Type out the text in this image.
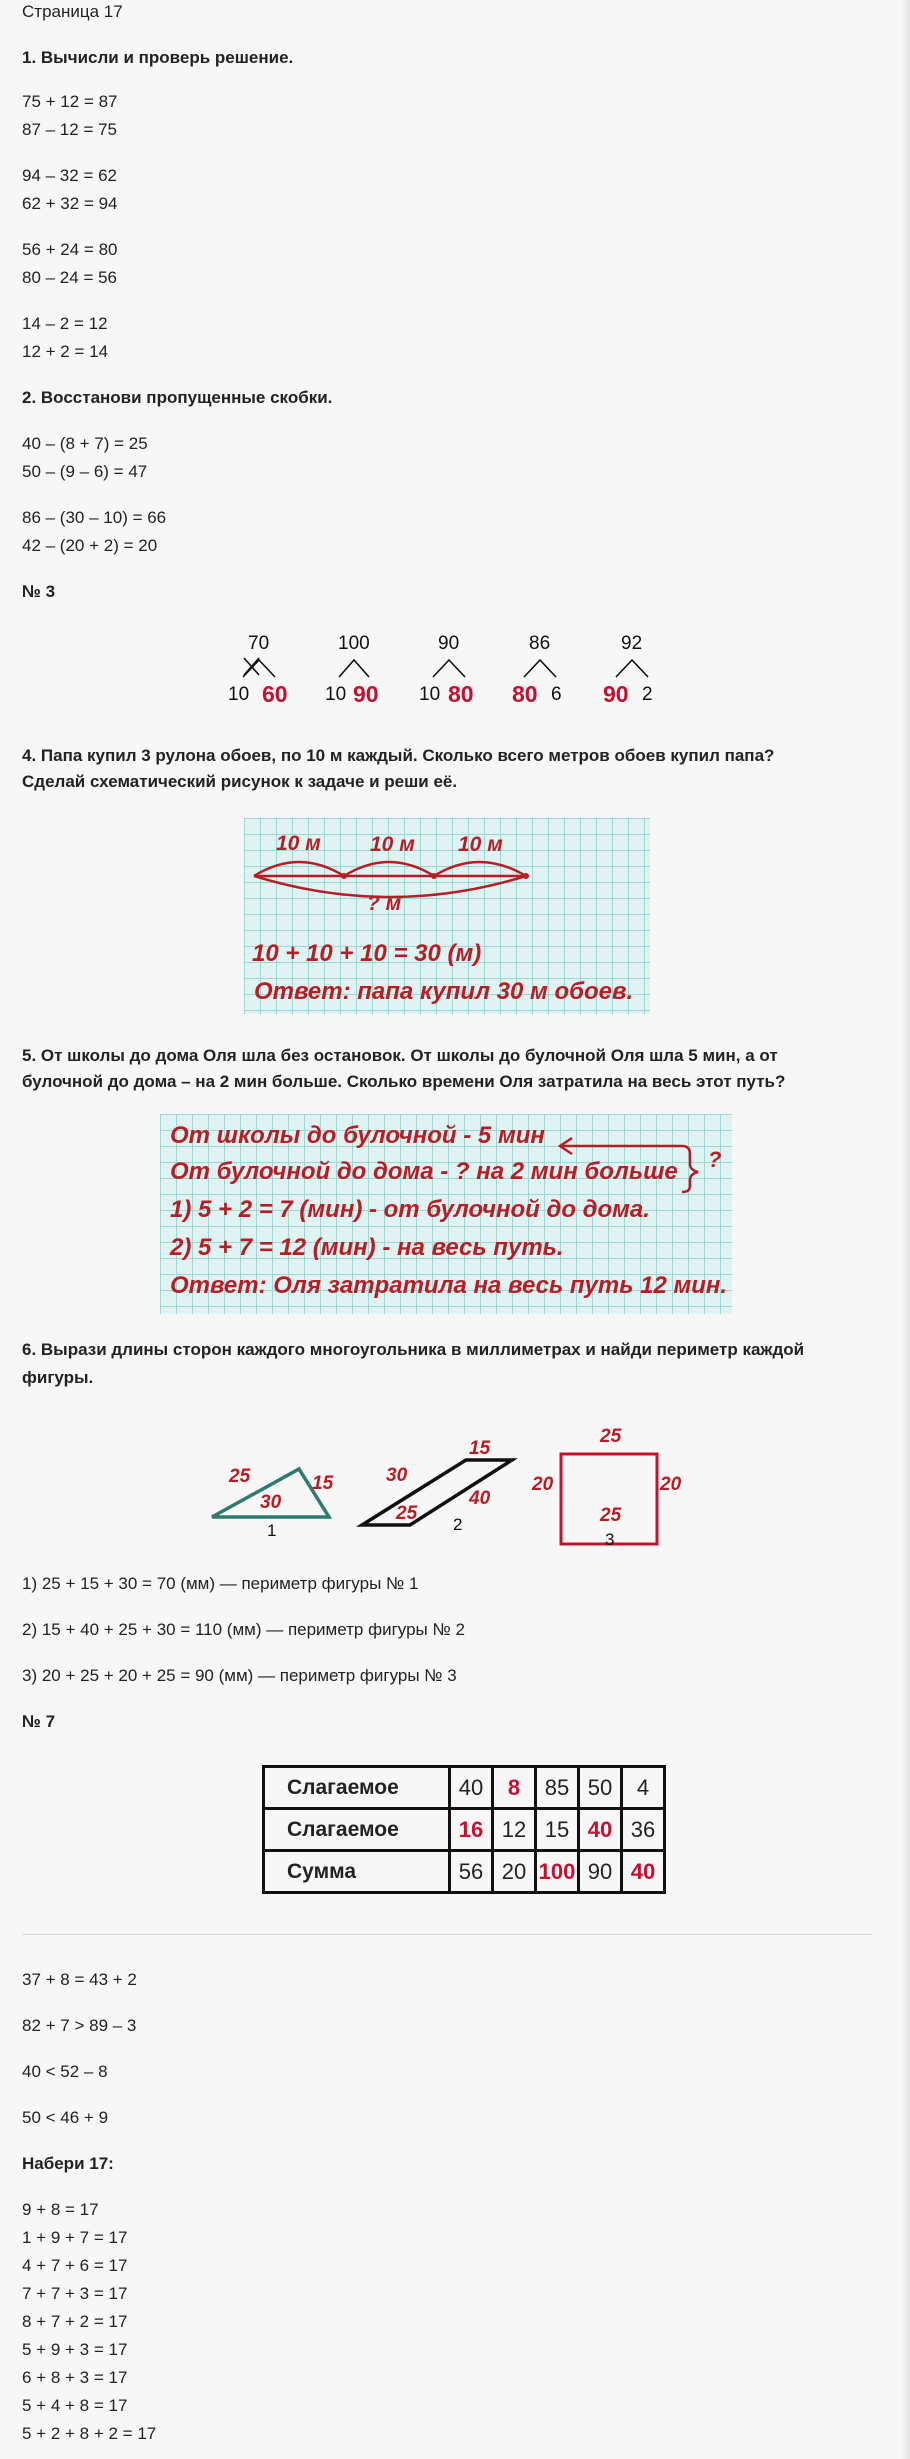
Страница 17
1. Вычисли и проверь решение.
75 + 12 = 87
87 – 12 = 75
94 – 32 = 62
62 + 32 = 94
56 + 24 = 80
80 – 24 = 56
14 – 2 = 12
12 + 2 = 14
2. Восстанови пропущенные скобки.
40 – (8 + 7) = 25
50 – (9 – 6) = 47
86 – (30 – 10) = 66
42 – (20 + 2) = 20
№ 3
70
10 60
100
10 90
90
10 80
86
80 6
92
90 2
4. Папа купил 3 рулона обоев, по 10 м каждый. Сколько всего метров обоев купил папа?
Сделай схематический рисунок к задаче и реши её.
10 м 10 м 10 м
? м
10 + 10 + 10 = 30 (м)
Ответ: папа купил 30 м обоев.
5. От школы до дома Оля шла без остановок. От школы до булочной Оля шла 5 мин, а от
булочной до дома – на 2 мин больше. Сколько времени Оля затратила на весь этот путь?
От школы до булочной - 5 мин
От булочной до дома - ? на 2 мин больше
1) 5 + 2 = 7 (мин) - от булочной до дома.
2) 5 + 7 = 12 (мин) - на весь путь.
Ответ: Оля затратила на весь путь 12 мин.
?
6. Вырази длины сторон каждого многоугольника в миллиметрах и найди периметр каждой
фигуры.
25	15
30
1
30
15
40
25
2
25
20	20
25
3
1) 25 + 15 + 30 = 70 (мм) — периметр фигуры № 1
2) 15 + 40 + 25 + 30 = 110 (мм) — периметр фигуры № 2
3) 20 + 25 + 20 + 25 = 90 (мм) — периметр фигуры № 3
№ 7
Слагаемое	40	8	85	50	4
Слагаемое	16	12	15	40	36
Сумма	56	20	100	90	40
37 + 8 = 43 + 2
82 + 7 > 89 – 3
40 < 52 – 8
50 < 46 + 9
Набери 17:
9 + 8 = 17
1 + 9 + 7 = 17
4 + 7 + 6 = 17
7 + 7 + 3 = 17
8 + 7 + 2 = 17
5 + 9 + 3 = 17
6 + 8 + 3 = 17
5 + 4 + 8 = 17
5 + 2 + 8 + 2 = 17
